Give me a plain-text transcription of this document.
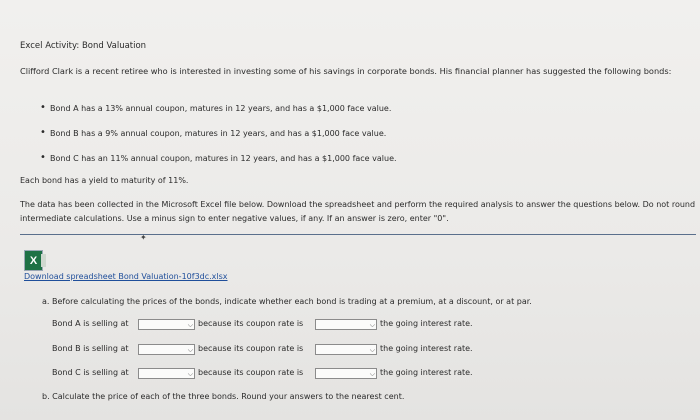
Excel Activity: Bond Valuation
Clifford Clark is a recent retiree who is interested in investing some of his savings in corporate bonds. His financial planner has suggested the following bonds:
• Bond A has a 13% annual coupon, matures in 12 years, and has a $1,000 face value.
• Bond B has a 9% annual coupon, matures in 12 years, and has a $1,000 face value.
• Bond C has an 11% annual coupon, matures in 12 years, and has a $1,000 face value.
Each bond has a yield to maturity of 11%.
The data has been collected in the Microsoft Excel file below. Download the spreadsheet and perform the required analysis to answer the questions below. Do not round intermediate calculations. Use a minus sign to enter negative values, if any. If an answer is zero, enter "0".
X
✦
Download spreadsheet Bond Valuation-10f3dc.xlsx
a. Before calculating the prices of the bonds, indicate whether each bond is trading at a premium, at a discount, or at par.
Bond A is selling at	⌵ because its coupon rate is	⌵ the going interest rate.
Bond B is selling at	⌵ because its coupon rate is	⌵ the going interest rate.
Bond C is selling at	⌵ because its coupon rate is	⌵ the going interest rate.
b. Calculate the price of each of the three bonds. Round your answers to the nearest cent.
